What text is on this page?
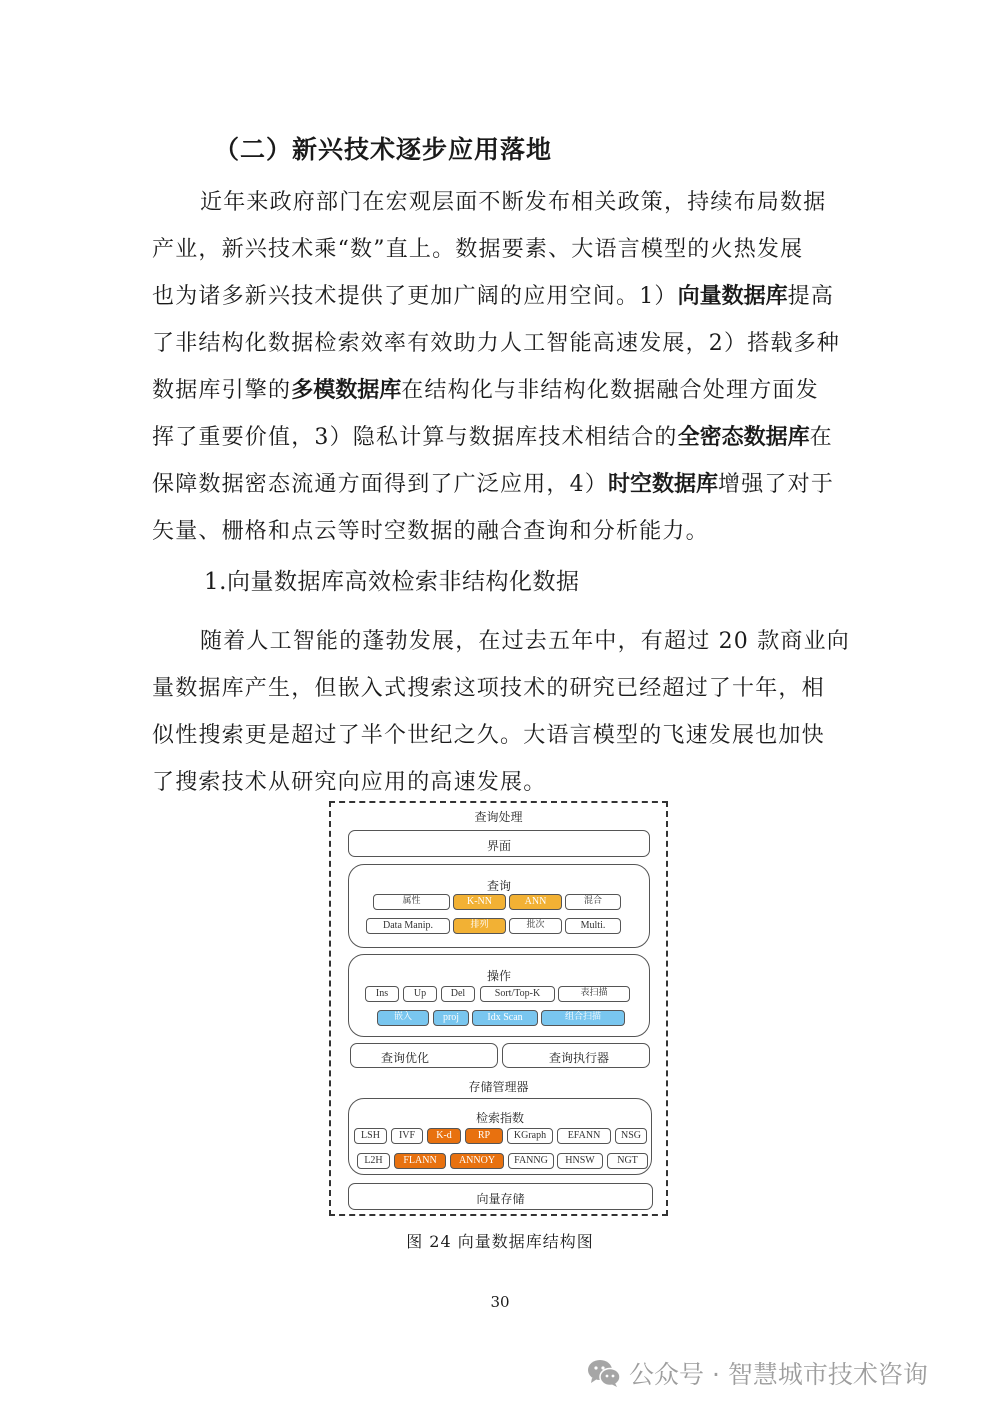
（二）新兴技术逐步应用落地

近年来政府部门在宏观层面不断发布相关政策，持续布局数据

产业，新兴技术乘“数”直上。数据要素、大语言模型的火热发展

也为诸多新兴技术提供了更加广阔的应用空间。1）向量数据库提高

了非结构化数据检索效率有效助力人工智能高速发展，2）搭载多种

数据库引擎的多模数据库在结构化与非结构化数据融合处理方面发

挥了重要价值，3）隐私计算与数据库技术相结合的全密态数据库在

保障数据密态流通方面得到了广泛应用，4）时空数据库增强了对于

矢量、栅格和点云等时空数据的融合查询和分析能力。

1.向量数据库高效检索非结构化数据

随着人工智能的蓬勃发展，在过去五年中，有超过 20 款商业向

量数据库产生，但嵌入式搜索这项技术的研究已经超过了十年，相

似性搜索更是超过了半个世纪之久。大语言模型的飞速发展也加快

了搜索技术从研究向应用的高速发展。

查询处理
界面
查询
属性	K-NN	ANN	混合
Data Manip.	排列	批次	Multi.
操作
Ins	Up	Del	Sort/Top-K	表扫描
嵌入	proj	Idx Scan	组合扫描
查询优化	查询执行器
存储管理器
检索指数
LSH	IVF	K-d	RP	KGraph	EFANN	NSG
L2H	FLANN	ANNOY	FANNG	HNSW	NGT
向量存储
图 24 向量数据库结构图
30
公众号 · 智慧城市技术咨询
